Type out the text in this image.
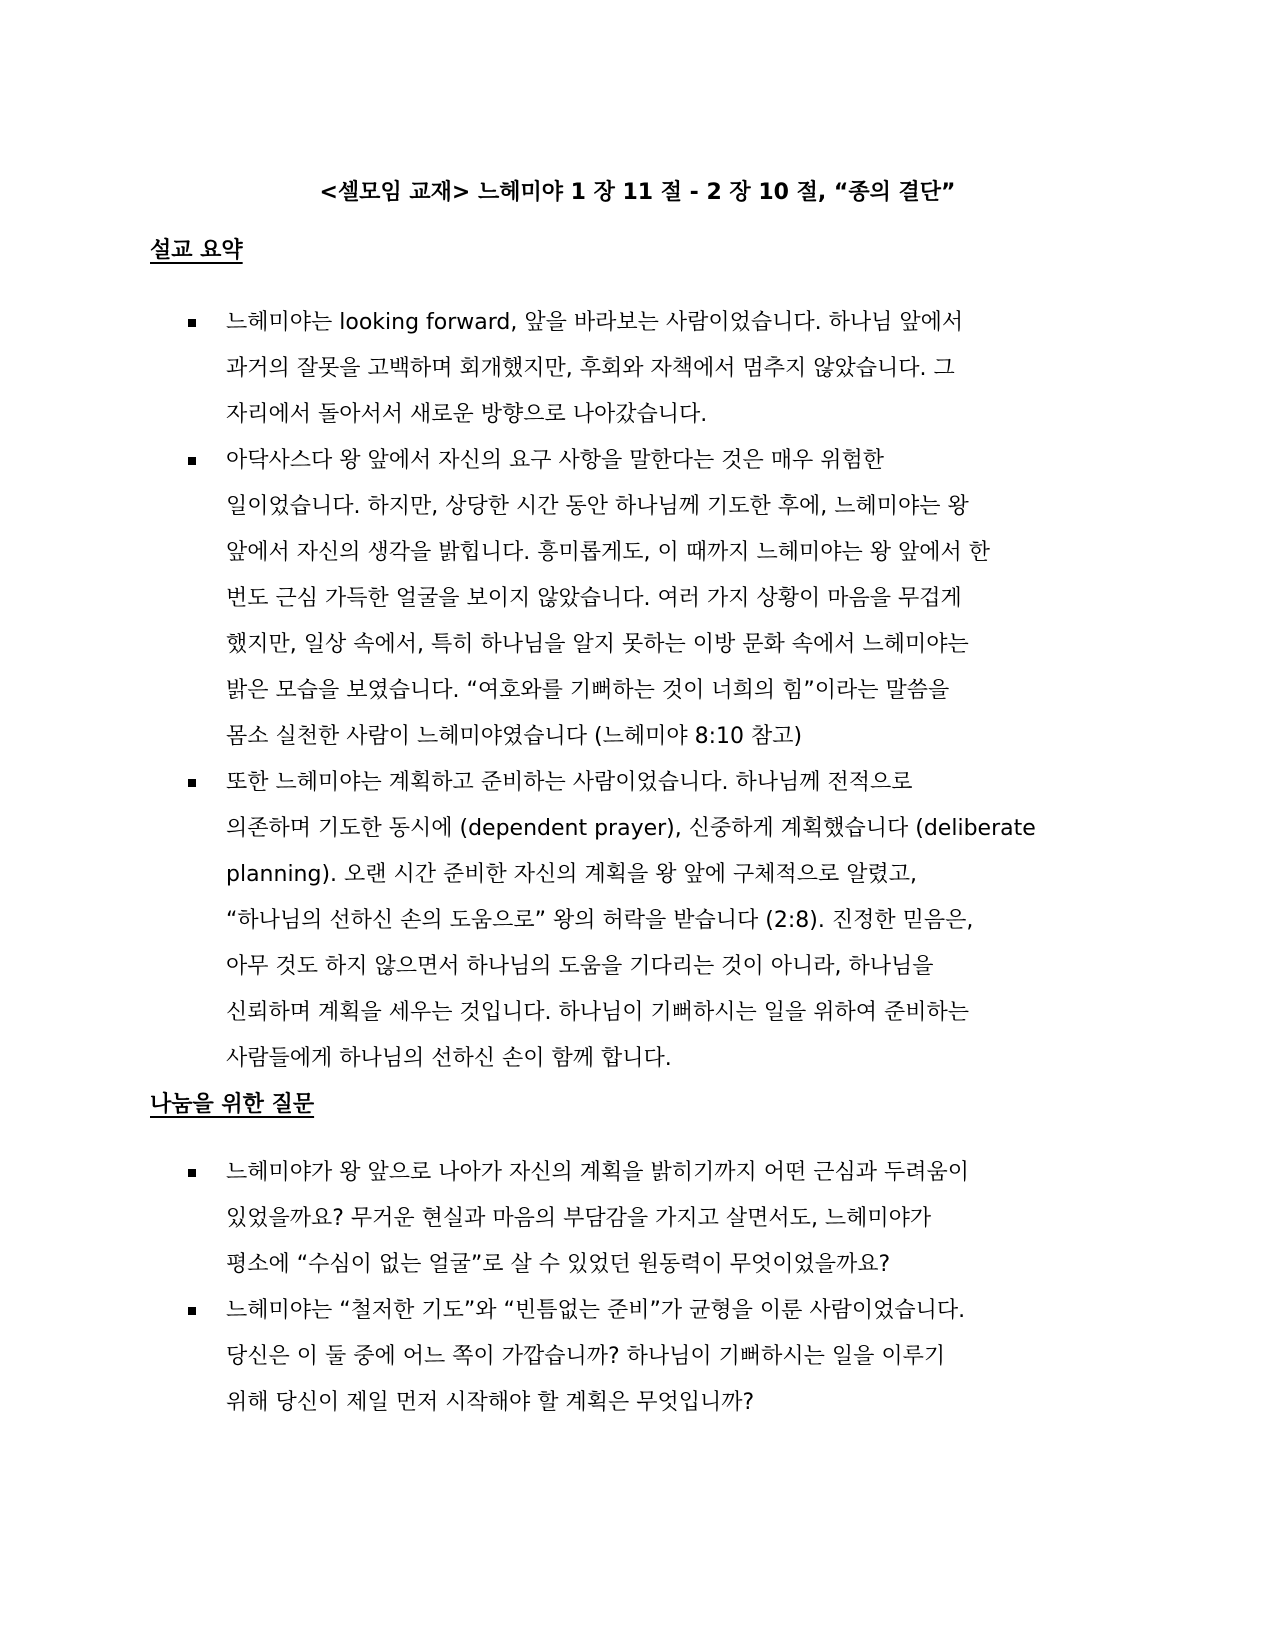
<셀모임 교재> 느헤미야 1 장 11 절 - 2 장 10 절, “종의 결단”
설교 요약
느헤미야는 looking forward, 앞을 바라보는 사람이었습니다. 하나님 앞에서
과거의 잘못을 고백하며 회개했지만, 후회와 자책에서 멈추지 않았습니다. 그
자리에서 돌아서서 새로운 방향으로 나아갔습니다.
아닥사스다 왕 앞에서 자신의 요구 사항을 말한다는 것은 매우 위험한
일이었습니다. 하지만, 상당한 시간 동안 하나님께 기도한 후에, 느헤미야는 왕
앞에서 자신의 생각을 밝힙니다. 흥미롭게도, 이 때까지 느헤미야는 왕 앞에서 한
번도 근심 가득한 얼굴을 보이지 않았습니다. 여러 가지 상황이 마음을 무겁게
했지만, 일상 속에서, 특히 하나님을 알지 못하는 이방 문화 속에서 느헤미야는
밝은 모습을 보였습니다. “여호와를 기뻐하는 것이 너희의 힘”이라는 말씀을
몸소 실천한 사람이 느헤미야였습니다 (느헤미야 8:10 참고)
또한 느헤미야는 계획하고 준비하는 사람이었습니다. 하나님께 전적으로
의존하며 기도한 동시에 (dependent prayer), 신중하게 계획했습니다 (deliberate
planning). 오랜 시간 준비한 자신의 계획을 왕 앞에 구체적으로 알렸고,
“하나님의 선하신 손의 도움으로” 왕의 허락을 받습니다 (2:8). 진정한 믿음은,
아무 것도 하지 않으면서 하나님의 도움을 기다리는 것이 아니라, 하나님을
신뢰하며 계획을 세우는 것입니다. 하나님이 기뻐하시는 일을 위하여 준비하는
사람들에게 하나님의 선하신 손이 함께 합니다.
나눔을 위한 질문
느헤미야가 왕 앞으로 나아가 자신의 계획을 밝히기까지 어떤 근심과 두려움이
있었을까요? 무거운 현실과 마음의 부담감을 가지고 살면서도, 느헤미야가
평소에 “수심이 없는 얼굴”로 살 수 있었던 원동력이 무엇이었을까요?
느헤미야는 “철저한 기도”와 “빈틈없는 준비”가 균형을 이룬 사람이었습니다.
당신은 이 둘 중에 어느 쪽이 가깝습니까? 하나님이 기뻐하시는 일을 이루기
위해 당신이 제일 먼저 시작해야 할 계획은 무엇입니까?
